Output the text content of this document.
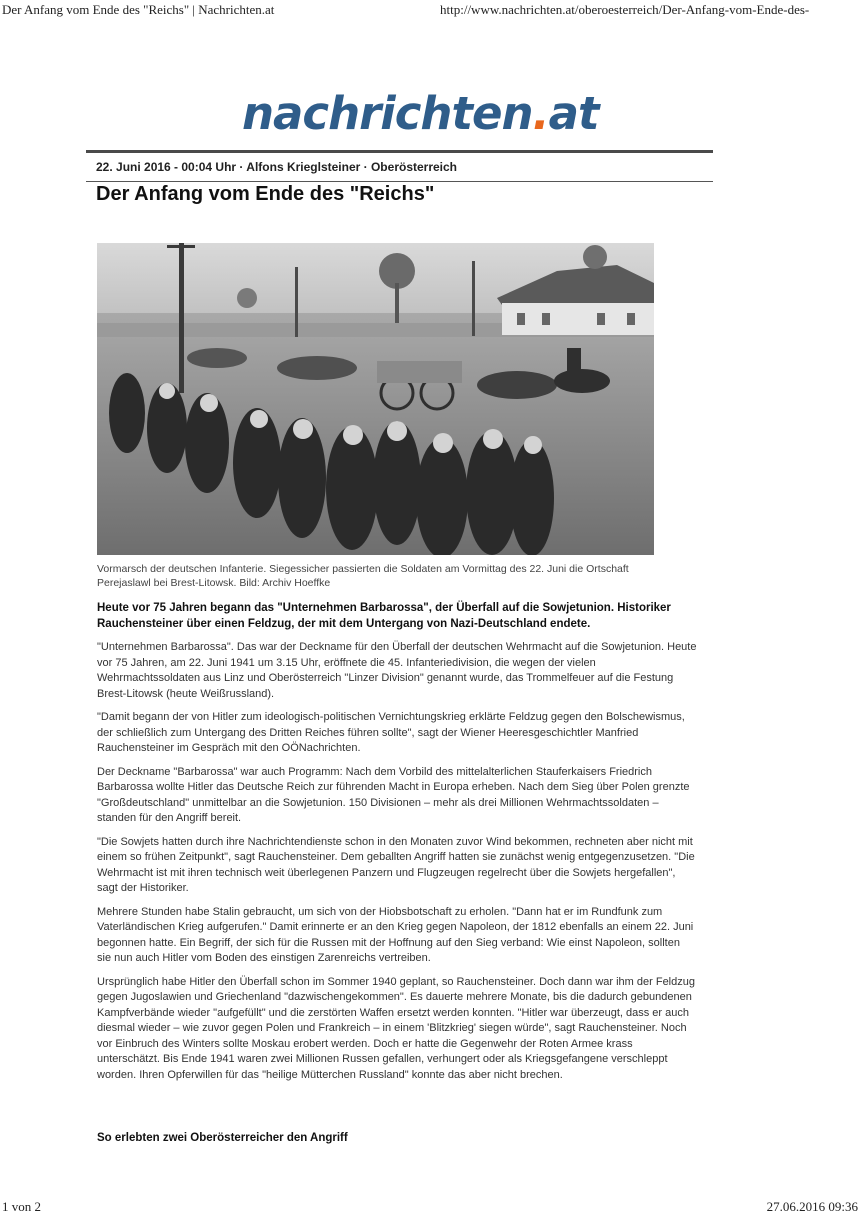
Der Anfang vom Ende des "Reichs" | Nachrichten.at	http://www.nachrichten.at/oberoesterreich/Der-Anfang-vom-Ende-des-
nachrichten.at
22. Juni 2016 - 00:04 Uhr · Alfons Krieglsteiner · Oberösterreich
Der Anfang vom Ende des "Reichs"
Vormarsch der deutschen Infanterie. Siegessicher passierten die Soldaten am Vormittag des 22. Juni die Ortschaft Perejaslawl bei Brest-Litowsk. Bild: Archiv Hoeffke
Heute vor 75 Jahren begann das "Unternehmen Barbarossa", der Überfall auf die Sowjetunion. Historiker Rauchensteiner über einen Feldzug, der mit dem Untergang von Nazi-Deutschland endete.

"Unternehmen Barbarossa". Das war der Deckname für den Überfall der deutschen Wehrmacht auf die Sowjetunion. Heute vor 75 Jahren, am 22. Juni 1941 um 3.15 Uhr, eröffnete die 45. Infanteriedivision, die wegen der vielen Wehrmachtssoldaten aus Linz und Oberösterreich "Linzer Division" genannt wurde, das Trommelfeuer auf die Festung Brest-Litowsk (heute Weißrussland).

"Damit begann der von Hitler zum ideologisch-politischen Vernichtungskrieg erklärte Feldzug gegen den Bolschewismus, der schließlich zum Untergang des Dritten Reiches führen sollte", sagt der Wiener Heeresgeschichtler Manfried Rauchensteiner im Gespräch mit den OÖNachrichten.

Der Deckname "Barbarossa" war auch Programm: Nach dem Vorbild des mittelalterlichen Stauferkaisers Friedrich Barbarossa wollte Hitler das Deutsche Reich zur führenden Macht in Europa erheben. Nach dem Sieg über Polen grenzte "Großdeutschland" unmittelbar an die Sowjetunion. 150 Divisionen – mehr als drei Millionen Wehrmachtssoldaten – standen für den Angriff bereit.

"Die Sowjets hatten durch ihre Nachrichtendienste schon in den Monaten zuvor Wind bekommen, rechneten aber nicht mit einem so frühen Zeitpunkt", sagt Rauchensteiner. Dem geballten Angriff hatten sie zunächst wenig entgegenzusetzen. "Die Wehrmacht ist mit ihren technisch weit überlegenen Panzern und Flugzeugen regelrecht über die Sowjets hergefallen", sagt der Historiker.

Mehrere Stunden habe Stalin gebraucht, um sich von der Hiobsbotschaft zu erholen. "Dann hat er im Rundfunk zum Vaterländischen Krieg aufgerufen." Damit erinnerte er an den Krieg gegen Napoleon, der 1812 ebenfalls an einem 22. Juni begonnen hatte. Ein Begriff, der sich für die Russen mit der Hoffnung auf den Sieg verband: Wie einst Napoleon, sollten sie nun auch Hitler vom Boden des einstigen Zarenreichs vertreiben.

Ursprünglich habe Hitler den Überfall schon im Sommer 1940 geplant, so Rauchensteiner. Doch dann war ihm der Feldzug gegen Jugoslawien und Griechenland "dazwischengekommen". Es dauerte mehrere Monate, bis die dadurch gebundenen Kampfverbände wieder "aufgefüllt" und die zerstörten Waffen ersetzt werden konnten. "Hitler war überzeugt, dass er auch diesmal wieder – wie zuvor gegen Polen und Frankreich – in einem 'Blitzkrieg' siegen würde", sagt Rauchensteiner. Noch vor Einbruch des Winters sollte Moskau erobert werden. Doch er hatte die Gegenwehr der Roten Armee krass unterschätzt. Bis Ende 1941 waren zwei Millionen Russen gefallen, verhungert oder als Kriegsgefangene verschleppt worden. Ihren Opferwillen für das "heilige Mütterchen Russland" konnte das aber nicht brechen.

So erlebten zwei Oberösterreicher den Angriff
1 von 2	27.06.2016 09:36
